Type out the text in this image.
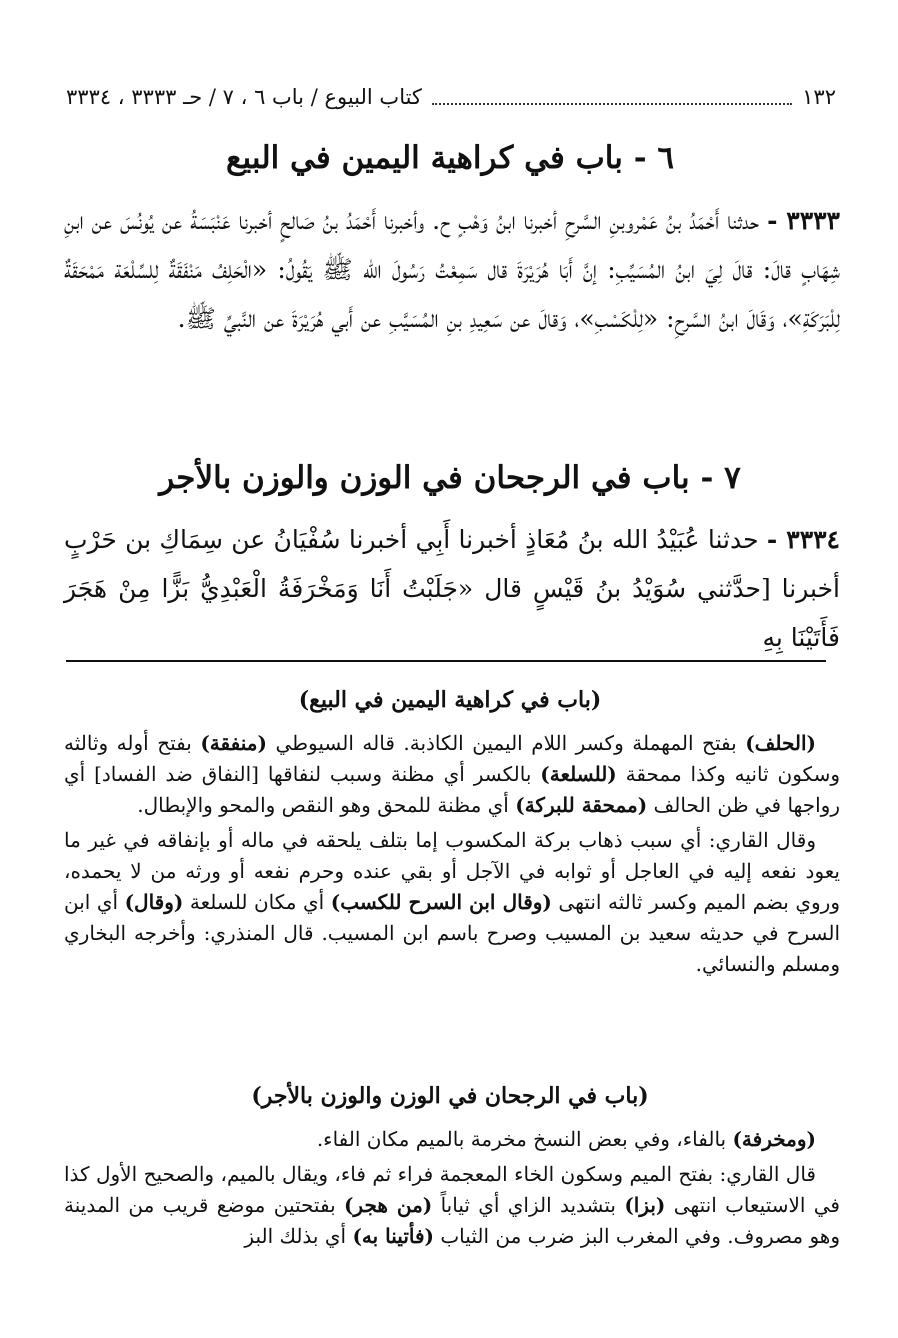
١٣٢
كتاب البيوع / باب ٦ ، ٧ / حـ ٣٣٣٣ ، ٣٣٣٤
٦ - باب في كراهية اليمين في البيع

٣٣٣٣ - حدثنا أَحْمَدُ بنُ عَمْروبنِ السَّرحِ أخبرنا ابنُ وَهْبٍ ح. وأخبرنا أَحْمَدُ بنُ صَالحٍ أخبرنا عَنْبَسَةُ عن يُونُسَ عن ابنِ شِهَابٍ قالَ: قالَ لِيَ ابنُ المُسَيِّبِ: إنَّ أَبَا هُرَيْرَةَ قال سَمِعْتُ رَسُولَ الله ﷺ يَقُولُ: «الْحَلِفُ مَنْفَقَةٌ لِلسِّلْعَة مَمْحَقَةٌ لِلْبَرَكَةِ»، وَقَالَ ابنُ السَّرحِ: «لِلْكَسْبِ»، وَقالَ عن سَعِيدِ بنِ المُسَيَّبِ عن أَبي هُرَيْرَةَ عن النَّبيِّ ﷺ.

٧ - باب في الرجحان في الوزن والوزن بالأجر

٣٣٣٤ - حدثنا عُبَيْدُ الله بنُ مُعَاذٍ أخبرنا أَبِي أخبرنا سُفْيَانُ عن سِمَاكِ بن حَرْبٍ أخبرنا [حدَّثني سُوَيْدُ بنُ قَيْسٍ قال «جَلَبْتُ أَنَا وَمَخْرَفَةُ الْعَبْدِيُّ بَزًّا مِنْ هَجَرَ فَأَتَيْنَا بِهِ

(باب في كراهية اليمين في البيع)

(الحلف) بفتح المهملة وكسر اللام اليمين الكاذبة. قاله السيوطي (منفقة) بفتح أوله وثالثه وسكون ثانيه وكذا ممحقة (للسلعة) بالكسر أي مظنة وسبب لنفاقها [النفاق ضد الفساد] أي رواجها في ظن الحالف (ممحقة للبركة) أي مظنة للمحق وهو النقص والمحو والإبطال.

وقال القاري: أي سبب ذهاب بركة المكسوب إما بتلف يلحقه في ماله أو بإنفاقه في غير ما يعود نفعه إليه في العاجل أو ثوابه في الآجل أو بقي عنده وحرم نفعه أو ورثه من لا يحمده، وروي بضم الميم وكسر ثالثه انتهى (وقال ابن السرح للكسب) أي مكان للسلعة (وقال) أي ابن السرح في حديثه سعيد بن المسيب وصرح باسم ابن المسيب. قال المنذري: وأخرجه البخاري ومسلم والنسائي.

(باب في الرجحان في الوزن والوزن بالأجر)

(ومخرفة) بالفاء، وفي بعض النسخ مخرمة بالميم مكان الفاء.

قال القاري: بفتح الميم وسكون الخاء المعجمة فراء ثم فاء، ويقال بالميم، والصحيح الأول كذا في الاستيعاب انتهى (بزا) بتشديد الزاي أي ثياباً (من هجر) بفتحتين موضع قريب من المدينة وهو مصروف. وفي المغرب البز ضرب من الثياب (فأتينا به) أي بذلك البز
